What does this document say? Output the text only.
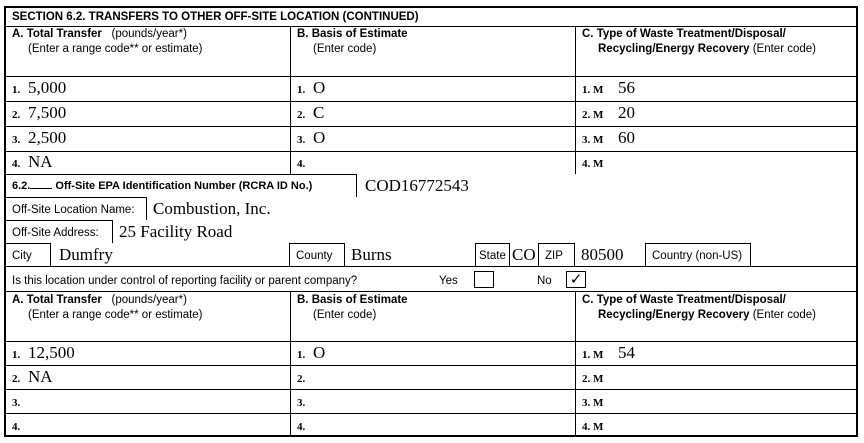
SECTION 6.2. TRANSFERS TO OTHER OFF-SITE LOCATION (CONTINUED)
A. Total Transfer (pounds/year*)
(Enter a range code** or estimate)
B. Basis of Estimate
(Enter code)
C. Type of Waste Treatment/Disposal/
Recycling/Energy Recovery (Enter code)
1. 5,000	1. O	1. M 56
2. 7,500	2. C	2. M 20
3. 2,500	3. O	3. M 60
4. NA	4.	4. M
6.2. Off-Site EPA Identification Number (RCRA ID No.)	COD16772543
Off-Site Location Name: Combustion, Inc.
Off-Site Address: 25 Facility Road
City Dumfry	County Burns	State CO ZIP 80500 Country (non-US)
Is this location under control of reporting facility or parent company?	Yes	No ✓
A. Total Transfer (pounds/year*)
(Enter a range code** or estimate)
B. Basis of Estimate
(Enter code)
C. Type of Waste Treatment/Disposal/
Recycling/Energy Recovery (Enter code)
1. 12,500	1. O	1. M 54
2. NA	2.	2. M
3.	3.	3. M
4.	4.	4. M
